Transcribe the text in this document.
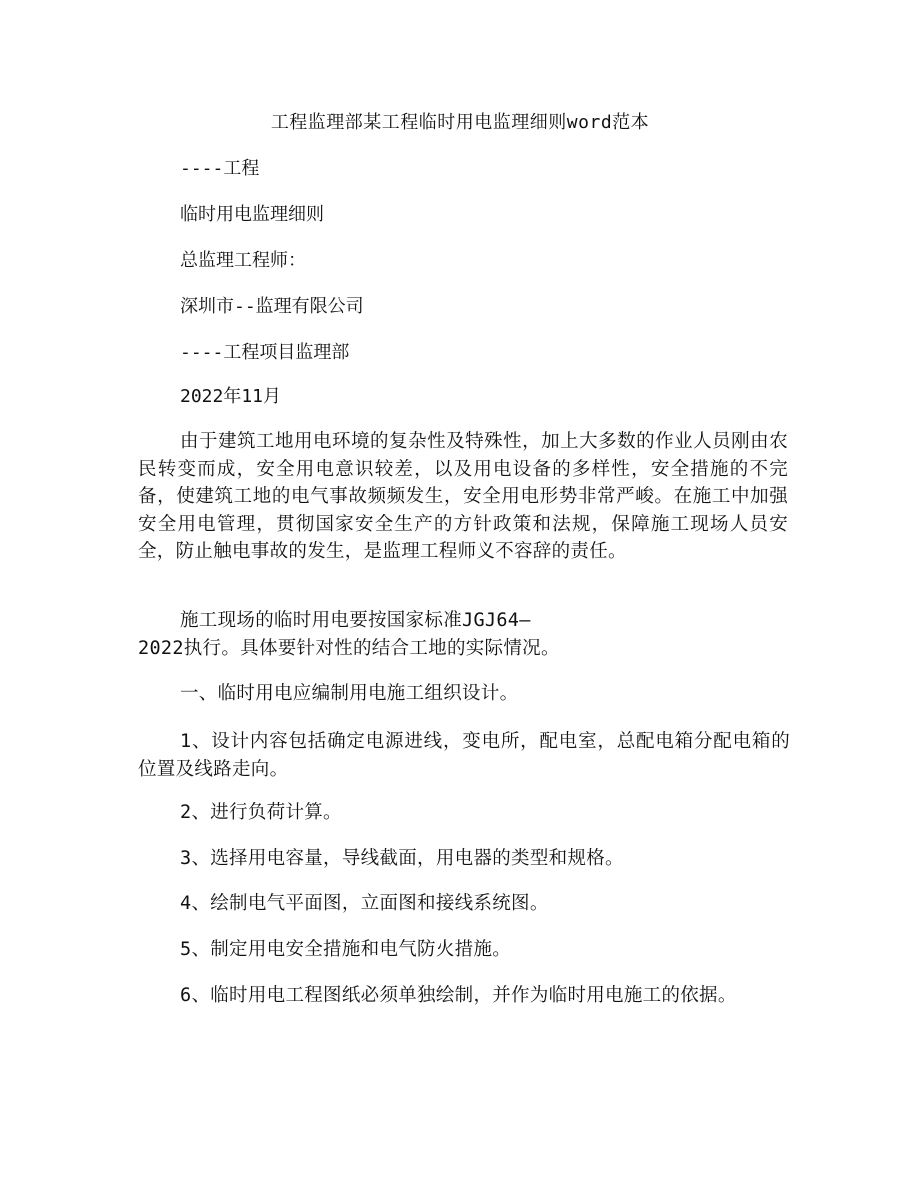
工程监理部某工程临时用电监理细则word范本
----工程
临时用电监理细则
总监理工程师：
深圳市--监理有限公司
----工程项目监理部
2022年11月
由于建筑工地用电环境的复杂性及特殊性，加上大多数的作业人员刚由农民转变而成，安全用电意识较差，以及用电设备的多样性，安全措施的不完备，使建筑工地的电气事故频频发生，安全用电形势非常严峻。在施工中加强安全用电管理，贯彻国家安全生产的方针政策和法规，保障施工现场人员安全，防止触电事故的发生，是监理工程师义不容辞的责任。
施工现场的临时用电要按国家标准JGJ64—
2022执行。具体要针对性的结合工地的实际情况。
一、临时用电应编制用电施工组织设计。
1、设计内容包括确定电源进线，变电所，配电室，总配电箱分配电箱的位置及线路走向。
2、进行负荷计算。
3、选择用电容量，导线截面，用电器的类型和规格。
4、绘制电气平面图，立面图和接线系统图。
5、制定用电安全措施和电气防火措施。
6、临时用电工程图纸必须单独绘制，并作为临时用电施工的依据。
